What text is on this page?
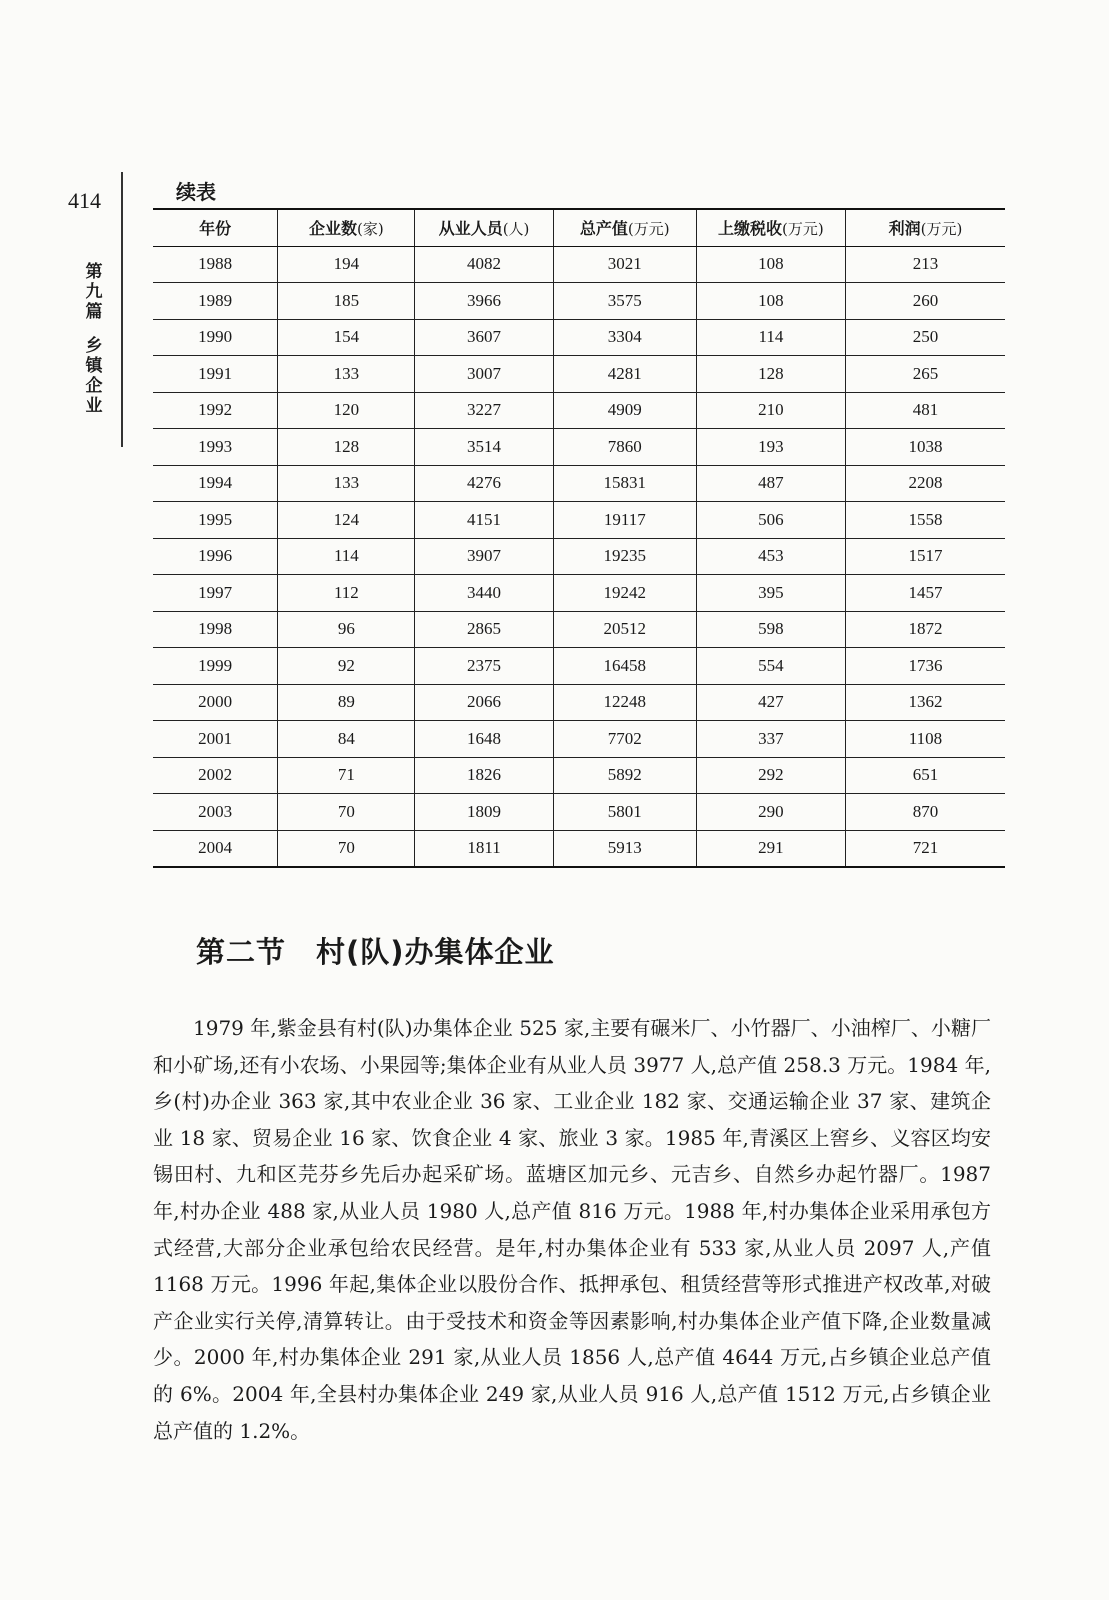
414
第
九
篇
乡
镇
企
业
续表
年份	企业数(家)	从业人员(人)	总产值(万元)	上缴税收(万元)	利润(万元)
1988	194	4082	3021	108	213
1989	185	3966	3575	108	260
1990	154	3607	3304	114	250
1991	133	3007	4281	128	265
1992	120	3227	4909	210	481
1993	128	3514	7860	193	1038
1994	133	4276	15831	487	2208
1995	124	4151	19117	506	1558
1996	114	3907	19235	453	1517
1997	112	3440	19242	395	1457
1998	96	2865	20512	598	1872
1999	92	2375	16458	554	1736
2000	89	2066	12248	427	1362
2001	84	1648	7702	337	1108
2002	71	1826	5892	292	651
2003	70	1809	5801	290	870
2004	70	1811	5913	291	721
第二节 村(队)办集体企业

1979 年,紫金县有村(队)办集体企业 525 家,主要有碾米厂、小竹器厂、小油榨厂、小糖厂和小矿场,还有小农场、小果园等;集体企业有从业人员 3977 人,总产值 258.3 万元。1984 年,乡(村)办企业 363 家,其中农业企业 36 家、工业企业 182 家、交通运输企业 37 家、建筑企业 18 家、贸易企业 16 家、饮食企业 4 家、旅业 3 家。1985 年,青溪区上窖乡、义容区均安锡田村、九和区芫芬乡先后办起采矿场。蓝塘区加元乡、元吉乡、自然乡办起竹器厂。1987 年,村办企业 488 家,从业人员 1980 人,总产值 816 万元。1988 年,村办集体企业采用承包方式经营,大部分企业承包给农民经营。是年,村办集体企业有 533 家,从业人员 2097 人,产值 1168 万元。1996 年起,集体企业以股份合作、抵押承包、租赁经营等形式推进产权改革,对破产企业实行关停,清算转让。由于受技术和资金等因素影响,村办集体企业产值下降,企业数量减少。2000 年,村办集体企业 291 家,从业人员 1856 人,总产值 4644 万元,占乡镇企业总产值的 6%。2004 年,全县村办集体企业 249 家,从业人员 916 人,总产值 1512 万元,占乡镇企业总产值的 1.2%。
